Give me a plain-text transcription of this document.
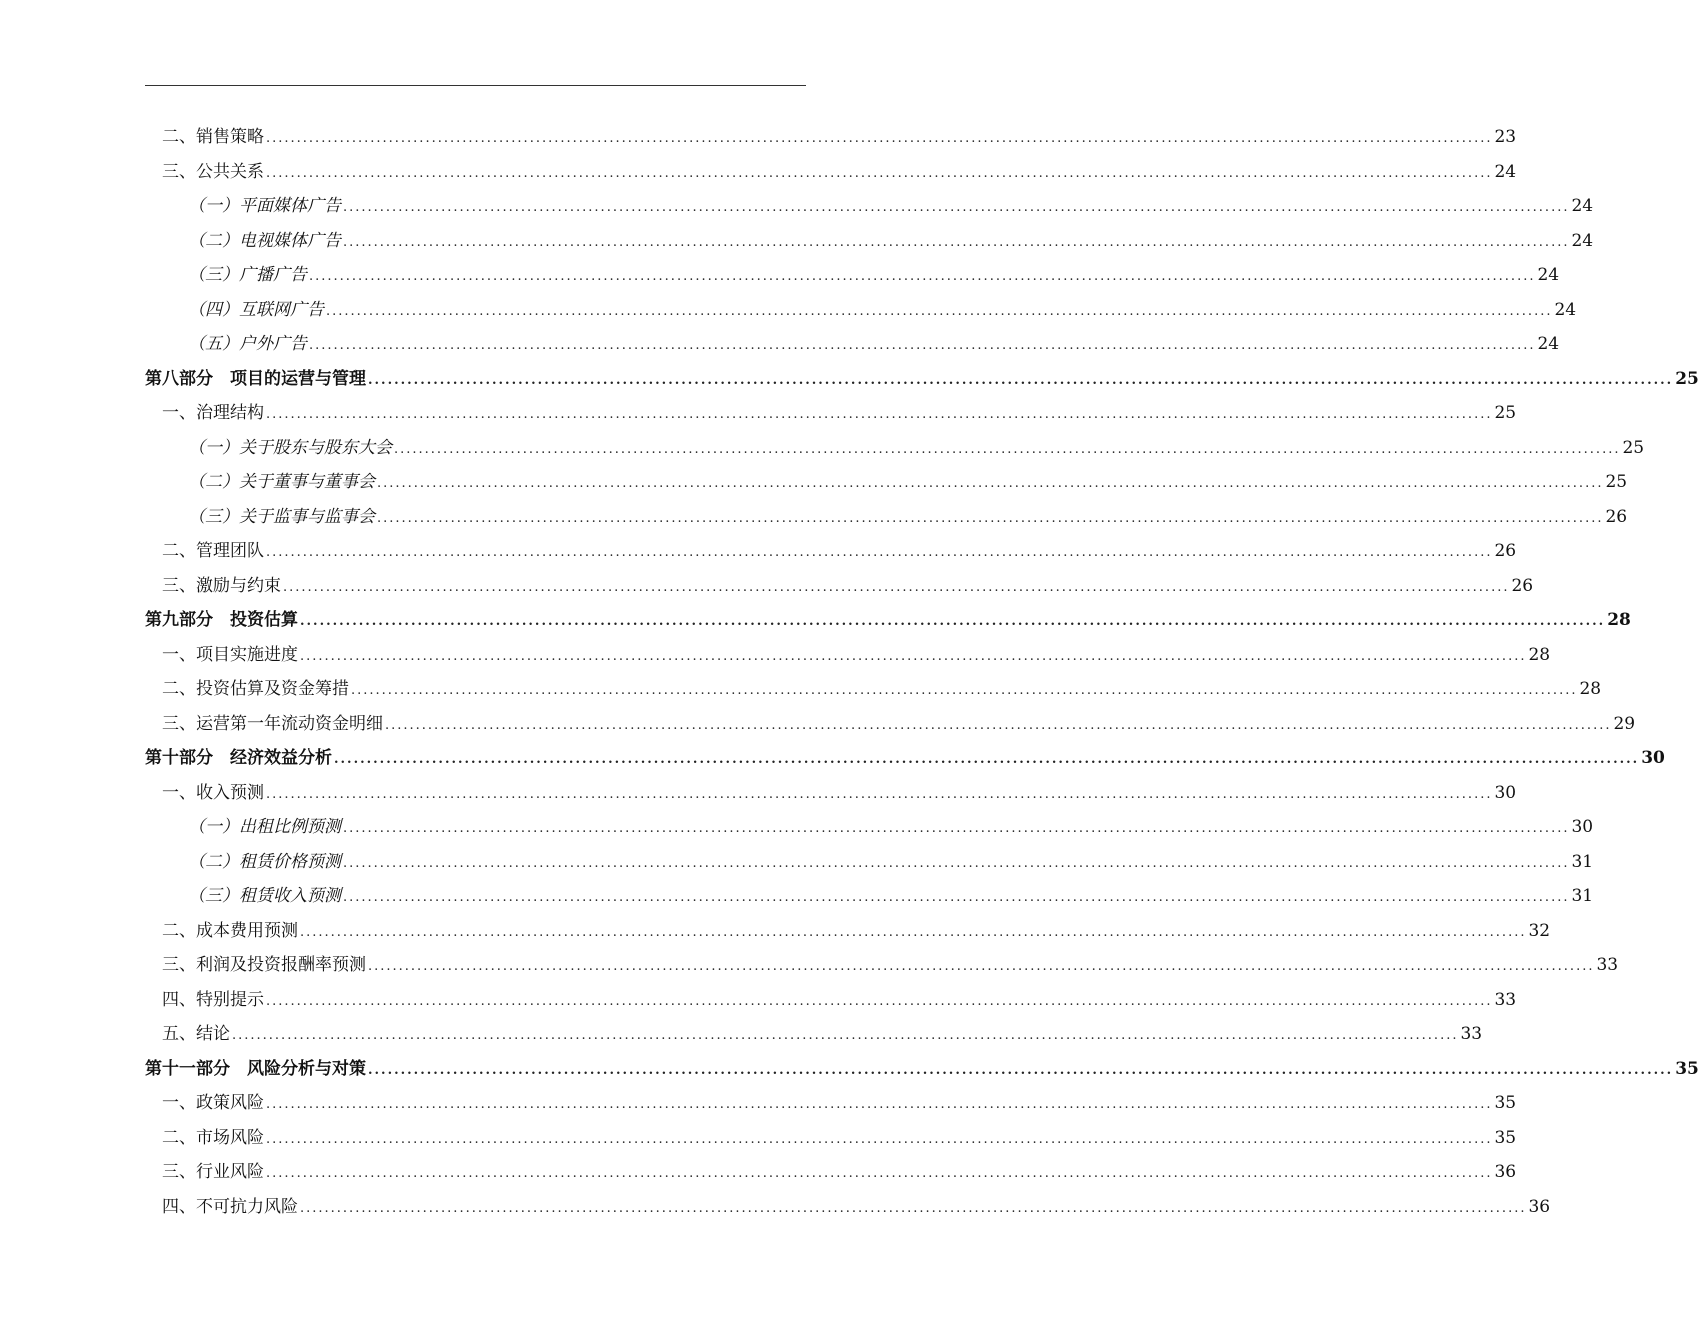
二、销售策略 ........................................................................................................................................................................................................ 23
三、公共关系 ........................................................................................................................................................................................................ 24
（一）平面媒体广告 ........................................................................................................................................................................................................ 24
（二）电视媒体广告 ........................................................................................................................................................................................................ 24
（三）广播广告 ........................................................................................................................................................................................................ 24
（四）互联网广告 ........................................................................................................................................................................................................ 24
（五）户外广告 ........................................................................................................................................................................................................ 24
第八部分　项目的运营与管理 ........................................................................................................................................................................................................ 25
一、治理结构 ........................................................................................................................................................................................................ 25
（一）关于股东与股东大会 ........................................................................................................................................................................................................ 25
（二）关于董事与董事会 ........................................................................................................................................................................................................ 25
（三）关于监事与监事会 ........................................................................................................................................................................................................ 26
二、管理团队 ........................................................................................................................................................................................................ 26
三、激励与约束 ........................................................................................................................................................................................................ 26
第九部分　投资估算 ........................................................................................................................................................................................................ 28
一、项目实施进度 ........................................................................................................................................................................................................ 28
二、投资估算及资金筹措 ........................................................................................................................................................................................................ 28
三、运营第一年流动资金明细 ........................................................................................................................................................................................................ 29
第十部分　经济效益分析 ........................................................................................................................................................................................................ 30
一、收入预测 ........................................................................................................................................................................................................ 30
（一）出租比例预测 ........................................................................................................................................................................................................ 30
（二）租赁价格预测 ........................................................................................................................................................................................................ 31
（三）租赁收入预测 ........................................................................................................................................................................................................ 31
二、成本费用预测 ........................................................................................................................................................................................................ 32
三、利润及投资报酬率预测 ........................................................................................................................................................................................................ 33
四、特别提示 ........................................................................................................................................................................................................ 33
五、结论 ........................................................................................................................................................................................................ 33
第十一部分　风险分析与对策 ........................................................................................................................................................................................................ 35
一、政策风险 ........................................................................................................................................................................................................ 35
二、市场风险 ........................................................................................................................................................................................................ 35
三、行业风险 ........................................................................................................................................................................................................ 36
四、不可抗力风险 ........................................................................................................................................................................................................ 36
